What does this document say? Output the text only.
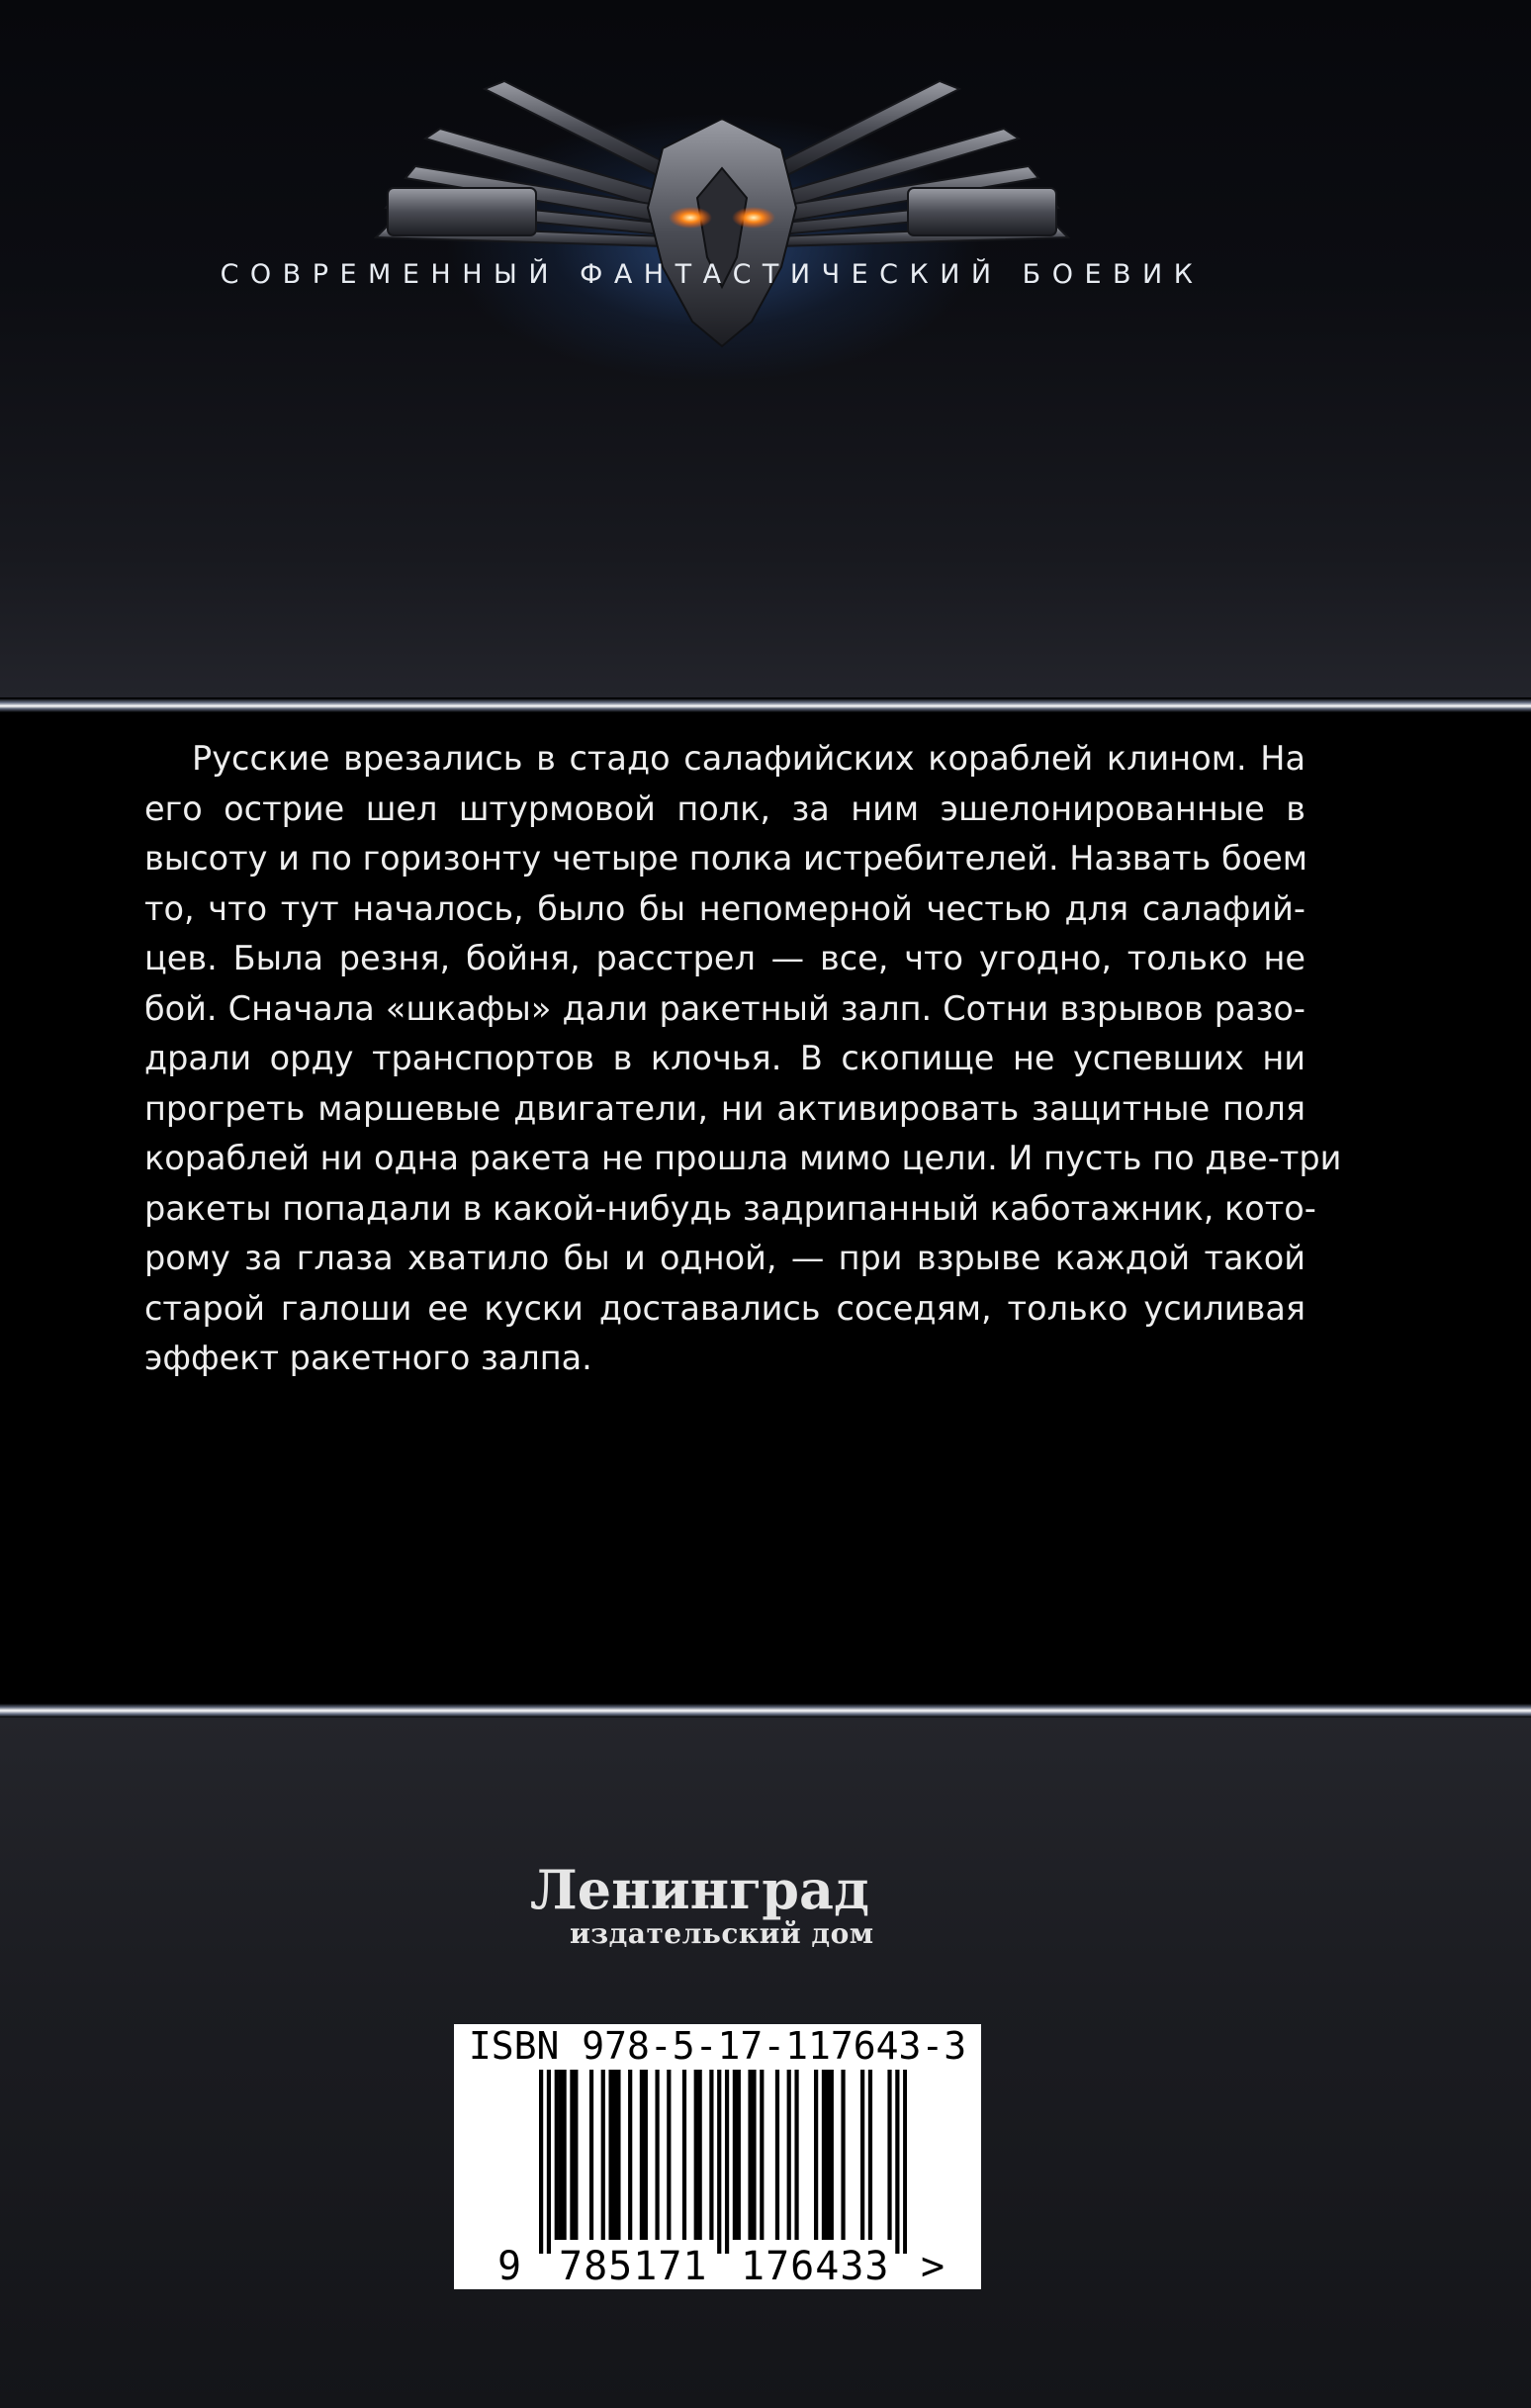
СОВРЕМЕННЫЙ ФАНТАСТИЧЕСКИЙ БОЕВИК
Русские врезались в стадо салафийских кораблей клином. На
его острие шел штурмовой полк, за ним эшелонированные в
высоту и по горизонту четыре полка истребителей. Назвать боем
то, что тут началось, было бы непомерной честью для салафий-
цев. Была резня, бойня, расстрел — все, что угодно, только не
бой. Сначала «шкафы» дали ракетный залп. Сотни взрывов разо-
драли орду транспортов в клочья. В скопище не успевших ни
прогреть маршевые двигатели, ни активировать защитные поля
кораблей ни одна ракета не прошла мимо цели. И пусть по две-три
ракеты попадали в какой-нибудь задрипанный каботажник, кото-
рому за глаза хватило бы и одной, — при взрыве каждой такой
старой галоши ее куски доставались соседям, только усиливая
эффект ракетного залпа.
Ленинград
издательский дом
ISBN 978-5-17-117643-3
9 785171 176433 >
